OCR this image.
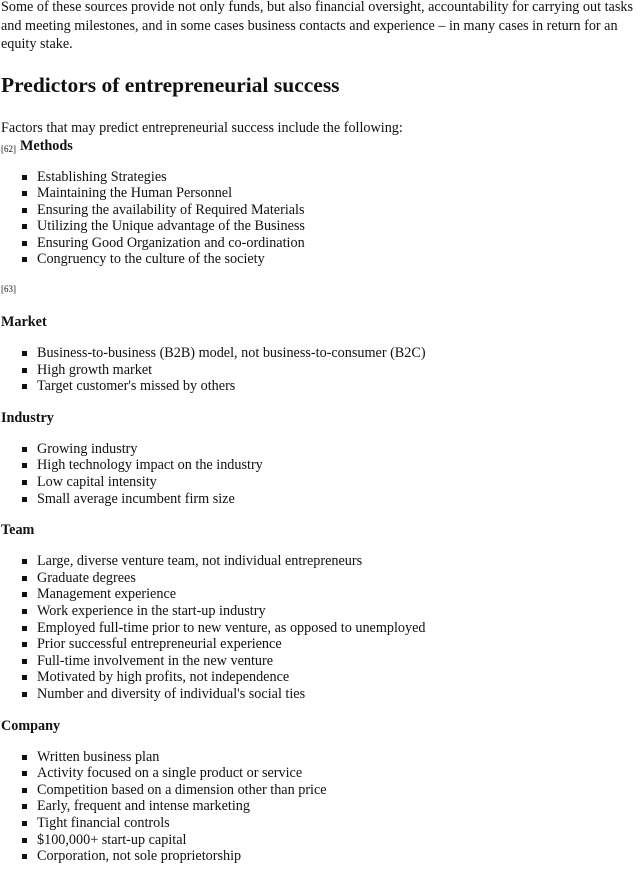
Some of these sources provide not only funds, but also financial oversight, accountability for carrying out tasks and meeting milestones, and in some cases business contacts and experience – in many cases in return for an equity stake.

Predictors of entrepreneurial success

Factors that may predict entrepreneurial success include the following:

[62] Methods
Establishing Strategies
Maintaining the Human Personnel
Ensuring the availability of Required Materials
Utilizing the Unique advantage of the Business
Ensuring Good Organization and co-ordination
Congruency to the culture of the society

[63]

Market
Business-to-business (B2B) model, not business-to-consumer (B2C)
High growth market
Target customer's missed by others
Industry
Growing industry
High technology impact on the industry
Low capital intensity
Small average incumbent firm size
Team
Large, diverse venture team, not individual entrepreneurs
Graduate degrees
Management experience
Work experience in the start-up industry
Employed full-time prior to new venture, as opposed to unemployed
Prior successful entrepreneurial experience
Full-time involvement in the new venture
Motivated by high profits, not independence
Number and diversity of individual's social ties
Company
Written business plan
Activity focused on a single product or service
Competition based on a dimension other than price
Early, frequent and intense marketing
Tight financial controls
$100,000+ start-up capital
Corporation, not sole proprietorship
